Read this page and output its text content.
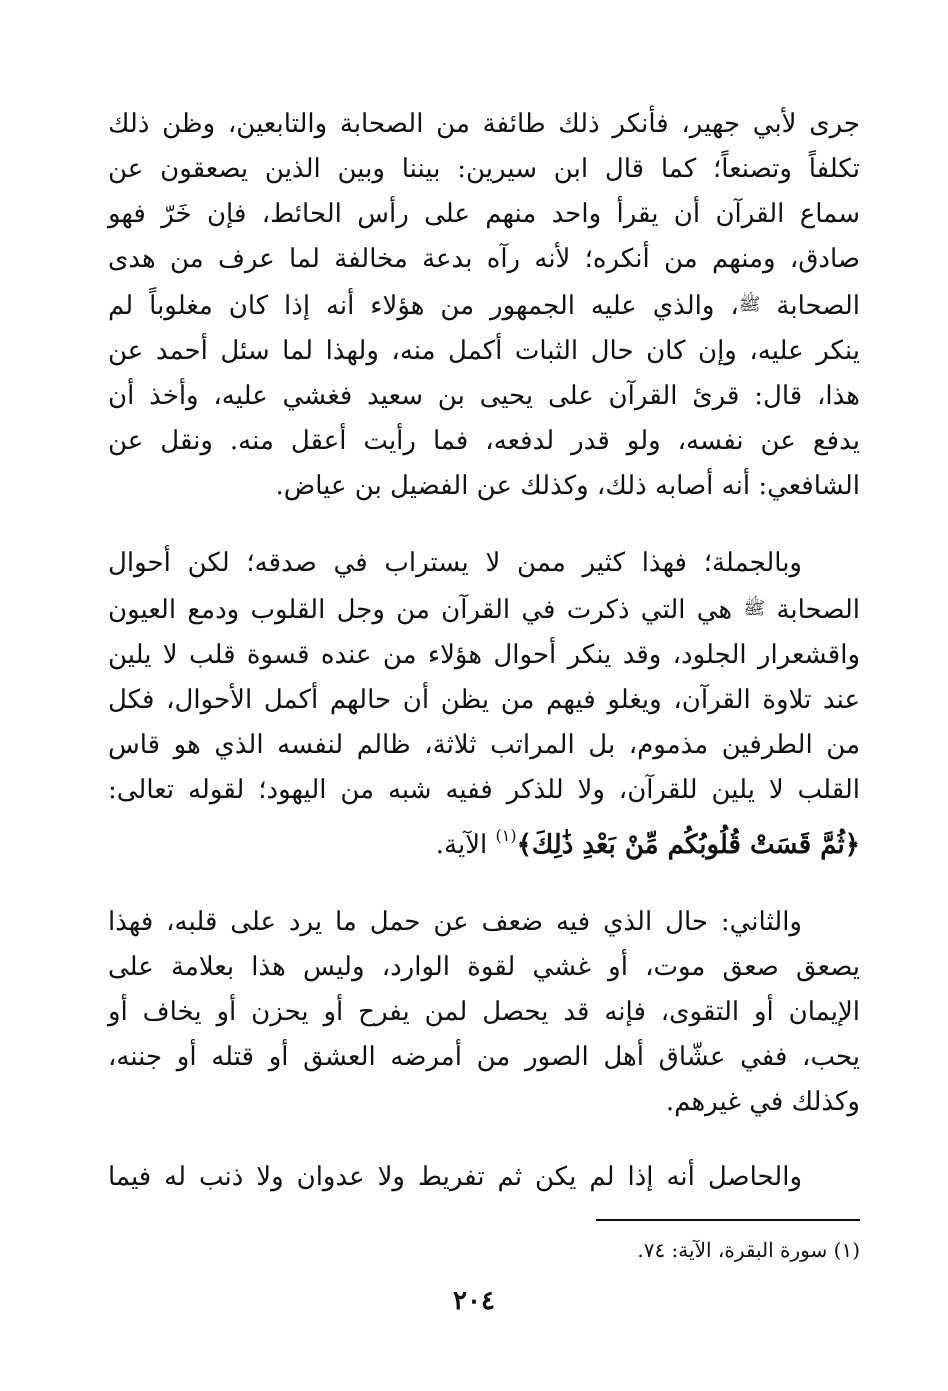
جرى لأبي جهير، فأنكر ذلك طائفة من الصحابة والتابعين، وظن ذلك
تكلفاً وتصنعاً؛ كما قال ابن سيرين: بيننا وبين الذين يصعقون عن
سماع القرآن أن يقرأ واحد منهم على رأس الحائط، فإن خَرّ فهو
صادق، ومنهم من أنكره؛ لأنه رآه بدعة مخالفة لما عرف من هدى
الصحابة ﷺ، والذي عليه الجمهور من هؤلاء أنه إذا كان مغلوباً لم
ينكر عليه، وإن كان حال الثبات أكمل منه، ولهذا لما سئل أحمد عن
هذا، قال: قرئ القرآن على يحيى بن سعيد فغشي عليه، وأخذ أن
يدفع عن نفسه، ولو قدر لدفعه، فما رأيت أعقل منه. ونقل عن
الشافعي: أنه أصابه ذلك، وكذلك عن الفضيل بن عياض.
وبالجملة؛ فهذا كثير ممن لا يستراب في صدقه؛ لكن أحوال
الصحابة ﷺ هي التي ذكرت في القرآن من وجل القلوب ودمع العيون
واقشعرار الجلود، وقد ينكر أحوال هؤلاء من عنده قسوة قلب لا يلين
عند تلاوة القرآن، ويغلو فيهم من يظن أن حالهم أكمل الأحوال، فكل
من الطرفين مذموم، بل المراتب ثلاثة، ظالم لنفسه الذي هو قاس
القلب لا يلين للقرآن، ولا للذكر ففيه شبه من اليهود؛ لقوله تعالى:
﴿ثُمَّ قَسَتْ قُلُوبُكُم مِّنْ بَعْدِ ذَٰلِكَ﴾$^{(١)}$ الآية.
والثاني: حال الذي فيه ضعف عن حمل ما يرد على قلبه، فهذا
يصعق صعق موت، أو غشي لقوة الوارد، وليس هذا بعلامة على
الإيمان أو التقوى، فإنه قد يحصل لمن يفرح أو يحزن أو يخاف أو
يحب، ففي عشّاق أهل الصور من أمرضه العشق أو قتله أو جننه،
وكذلك في غيرهم.
والحاصل أنه إذا لم يكن ثم تفريط ولا عدوان ولا ذنب له فيما
(١) سورة البقرة، الآية: ٧٤.
٢٠٤
